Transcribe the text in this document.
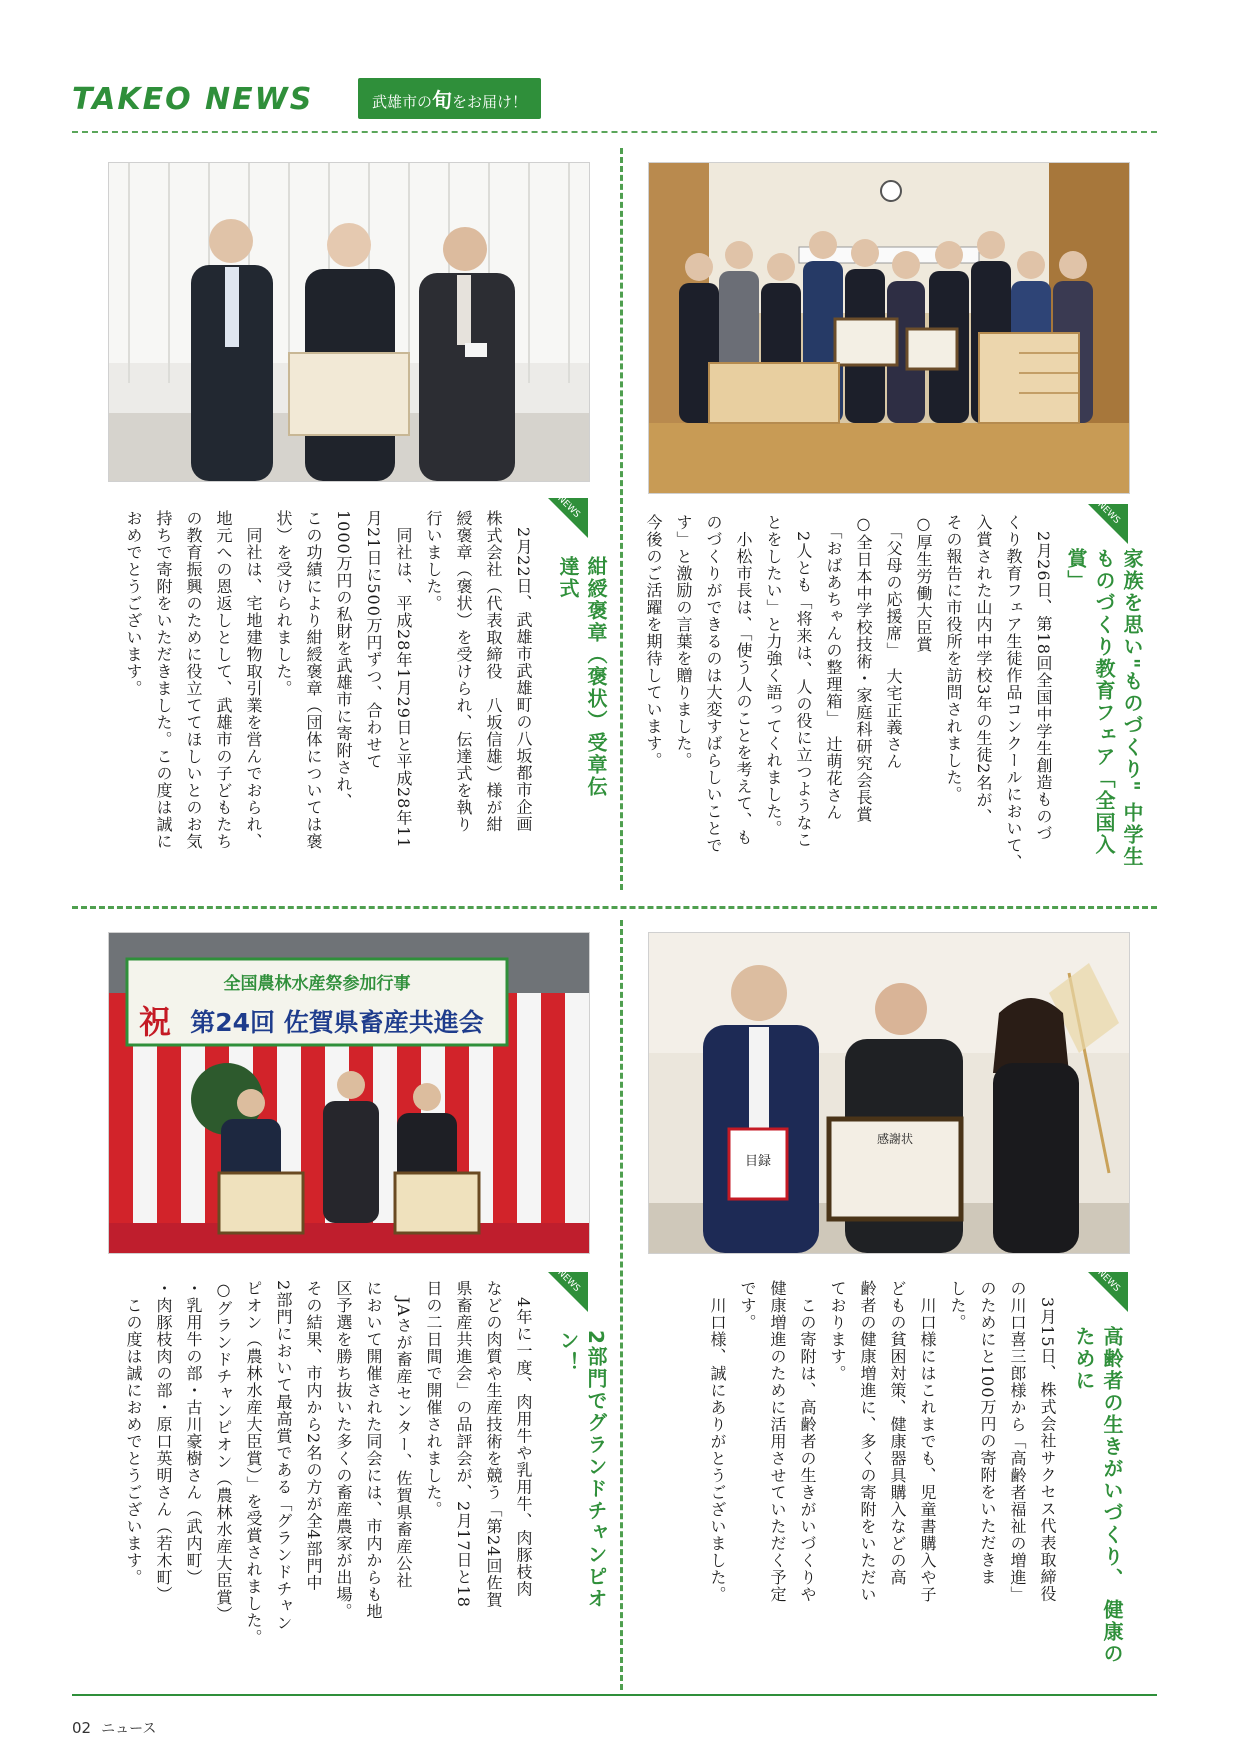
TAKEO NEWS	武雄市の旬をお届け！
全国農林水産祭参加行事
祝 第24回 佐賀県畜産共進会
目録
感謝状
NEWS
紺綬褒章（褒状）受章伝達式
　2月22日、武雄市武雄町の八坂都市企画
株式会社（代表取締役　八坂信雄）様が紺
綬褒章（褒状）を受けられ、伝達式を執り
行いました。
　同社は、平成28年1月29日と平成28年11
月21日に500万円ずつ、合わせて
1000万円の私財を武雄市に寄附され、
この功績により紺綬褒章（団体については褒
状）を受けられました。
　同社は、宅地建物取引業を営んでおられ、
地元への恩返しとして、武雄市の子どもたち
の教育振興のために役立ててほしいとのお気
持ちで寄附をいただきました。この度は誠に
おめでとうございます。	NEWS
家族を思い"ものづくり" 中学生ものづくり教育フェア「全国入賞」
　2月26日、第18回全国中学生創造ものづ
くり教育フェア生徒作品コンクールにおいて、
入賞された山内中学校3年の生徒2名が、
その報告に市役所を訪問されました。
○厚生労働大臣賞
　「父母の応援席」　大宅正義さん
○全日本中学校技術・家庭科研究会長賞
　「おばあちゃんの整理箱」　辻萌花さん
　2人とも「将来は、人の役に立つようなこ
とをしたい」と力強く語ってくれました。
　小松市長は、「使う人のことを考えて、も
のづくりができるのは大変すばらしいことで
す」と激励の言葉を贈りました。
今後のご活躍を期待しています。
NEWS
2部門でグランドチャンピオン！
　4年に一度、肉用牛や乳用牛、肉豚枝肉
などの肉質や生産技術を競う「第24回佐賀
県畜産共進会」の品評会が、2月17日と18
日の二日間で開催されました。
　JAさが畜産センター、佐賀県畜産公社
において開催された同会には、市内からも地
区予選を勝ち抜いた多くの畜産農家が出場。
その結果、市内から2名の方が全4部門中
2部門において最高賞である「グランドチャン
ピオン（農林水産大臣賞）」を受賞されました。
○グランドチャンピオン（農林水産大臣賞）
・乳用牛の部・古川豪樹さん（武内町）
・肉豚枝肉の部・原口英明さん（若木町）
　この度は誠におめでとうございます。
NEWS
高齢者の生きがいづくり、 健康のために
　3月15日、株式会社サクセス代表取締役
の川口喜三郎様から「高齢者福祉の増進」
のためにと100万円の寄附をいただきま
した。
　川口様にはこれまでも、児童書購入や子
どもの貧困対策、健康器具購入などの高
齢者の健康増進に、多くの寄附をいただい
ております。
　この寄附は、高齢者の生きがいづくりや
健康増進のために活用させていただく予定
です。
　川口様、誠にありがとうございました。
02 ニュース
